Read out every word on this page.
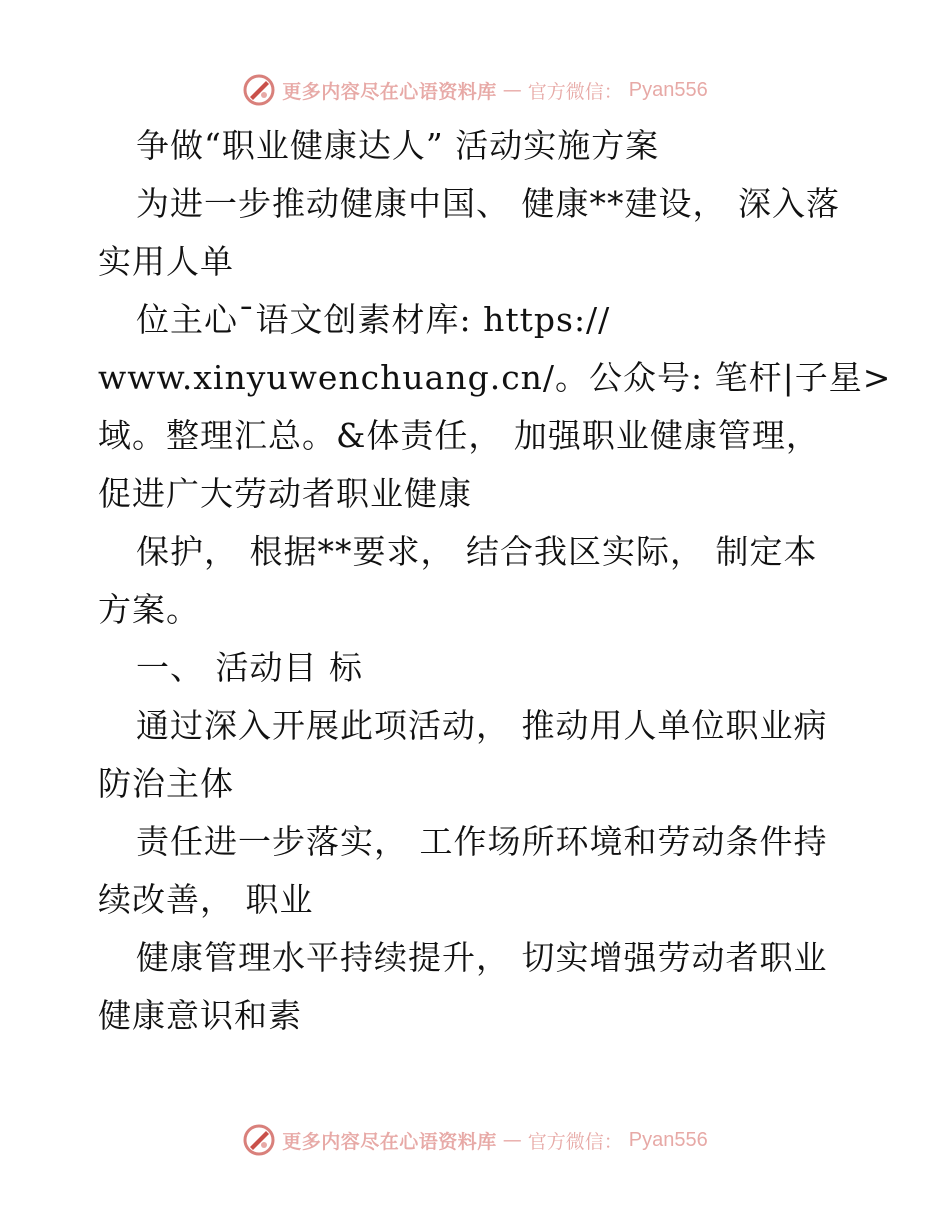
更多内容尽在心语资料库 — 官方微信： Pyan556
争做“职业健康达人” 活动实施方案
为进一步推动健康中国、 健康**建设， 深入落
实用人单
位主心¯语文创素材库: https://
www.xinyuwenchuang.cn/。公众号: 笔杆|子星>
域。整理汇总。&体责任， 加强职业健康管理，
促进广大劳动者职业健康
保护， 根据**要求， 结合我区实际， 制定本
方案。
一、 活动目 标
通过深入开展此项活动， 推动用人单位职业病
防治主体
责任进一步落实， 工作场所环境和劳动条件持
续改善， 职业
健康管理水平持续提升， 切实增强劳动者职业
健康意识和素
更多内容尽在心语资料库 — 官方微信： Pyan556
